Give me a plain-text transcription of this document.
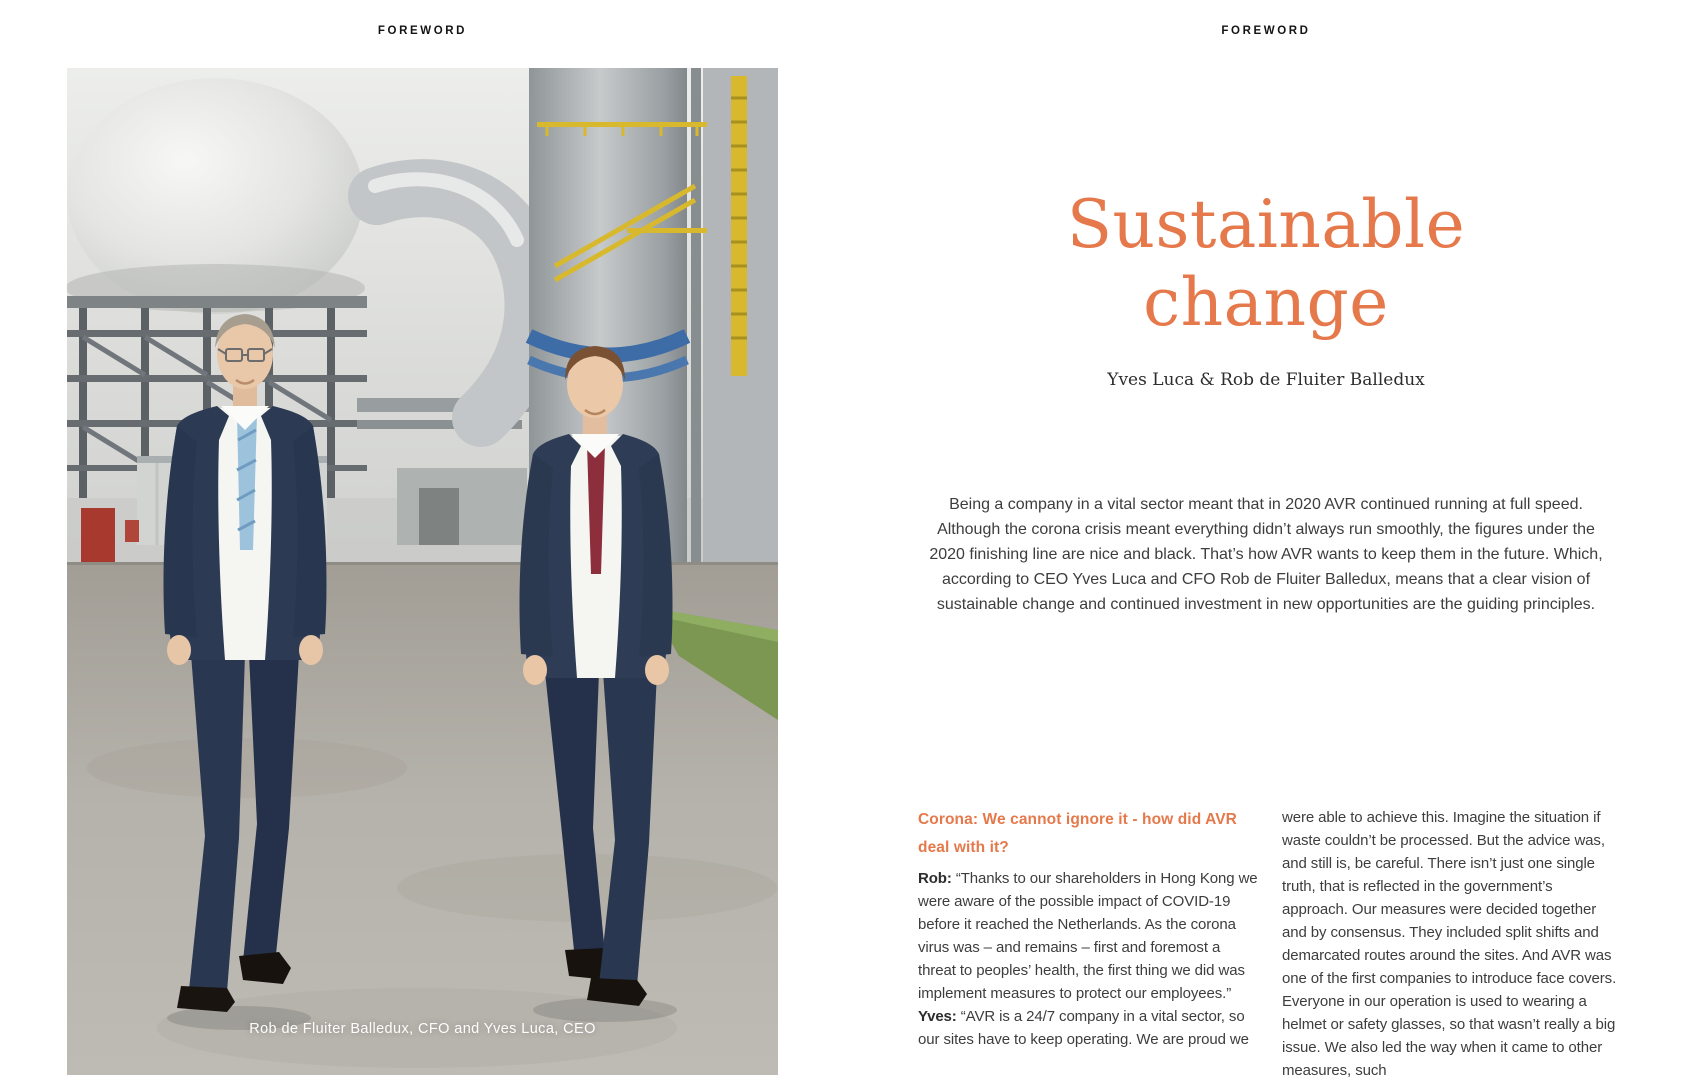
FOREWORD
Rob de Fluiter Balledux, CFO and Yves Luca, CEO
FOREWORD
Sustainable
change
Yves Luca & Rob de Fluiter Balledux

Being a company in a vital sector meant that in 2020 AVR continued running at full speed. Although the corona crisis meant everything didn’t always run smoothly, the figures under the 2020 finishing line are nice and black. That’s how AVR wants to keep them in the future. Which, according to CEO Yves Luca and CFO Rob de Fluiter Balledux, means that a clear vision of sustainable change and continued investment in new opportunities are the guiding principles.

Corona: We cannot ignore it - how did AVR deal with it?

Rob: “Thanks to our shareholders in Hong Kong we were aware of the possible impact of COVID-19 before it reached the Netherlands. As the corona virus was – and remains – first and foremost a threat to peoples’ health, the first thing we did was implement measures to protect our employees.”

Yves: “AVR is a 24/7 company in a vital sector, so our sites have to keep operating. We are proud we

were able to achieve this. Imagine the situation if waste couldn’t be processed. But the advice was, and still is, be careful. There isn’t just one single truth, that is reflected in the government’s approach. Our measures were decided together and by consensus. They included split shifts and demarcated routes around the sites. And AVR was one of the first companies to introduce face covers. Everyone in our operation is used to wearing a helmet or safety glasses, so that wasn’t really a big issue. We also led the way when it came to other measures, such
